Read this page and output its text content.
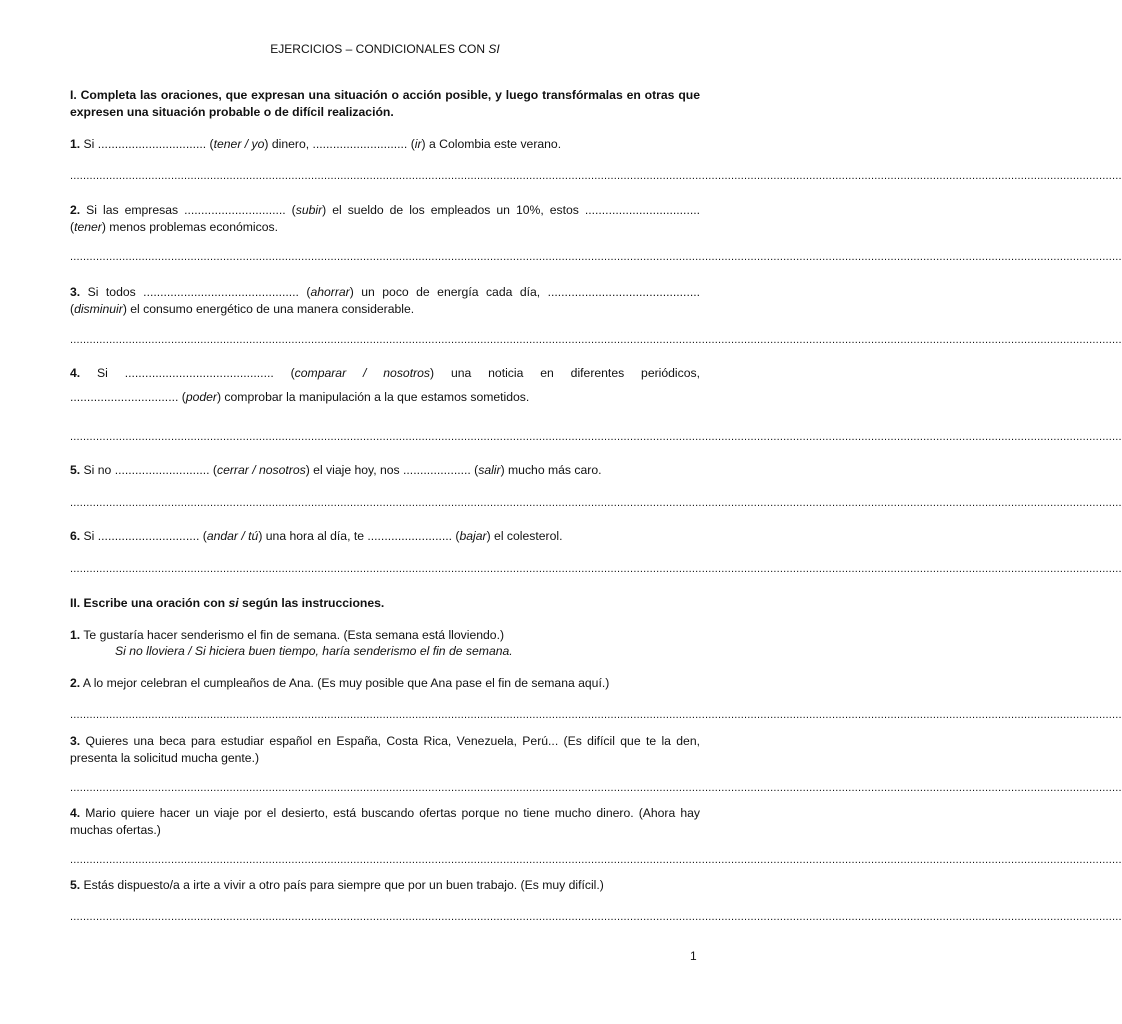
EJERCICIOS – CONDICIONALES CON SI
I. Completa las oraciones, que expresan una situación o acción posible, y luego transfórmalas en otras que expresen una situación probable o de difícil realización.
1. Si ................................ (tener / yo) dinero, ............................ (ir) a Colombia este verano.
...................................................................................................................................................................................................................................................................................................................................
2. Si las empresas .............................. (subir) el sueldo de los empleados un 10%, estos .................................. (tener) menos problemas económicos.
...................................................................................................................................................................................................................................................................................................................................
3. Si todos .............................................. (ahorrar) un poco de energía cada día, ............................................. (disminuir) el consumo energético de una manera considerable.
...................................................................................................................................................................................................................................................................................................................................
4. Si ............................................ (comparar / nosotros) una noticia en diferentes periódicos,
................................ (poder) comprobar la manipulación a la que estamos sometidos.
...................................................................................................................................................................................................................................................................................................................................
5. Si no ............................ (cerrar / nosotros) el viaje hoy, nos .................... (salir) mucho más caro.
...................................................................................................................................................................................................................................................................................................................................
6. Si .............................. (andar / tú) una hora al día, te ......................... (bajar) el colesterol.
...................................................................................................................................................................................................................................................................................................................................
II. Escribe una oración con si según las instrucciones.
1. Te gustaría hacer senderismo el fin de semana. (Esta semana está lloviendo.)
Si no lloviera / Si hiciera buen tiempo, haría senderismo el fin de semana.
2. A lo mejor celebran el cumpleaños de Ana. (Es muy posible que Ana pase el fin de semana aquí.)
...................................................................................................................................................................................................................................................................................................................................
3. Quieres una beca para estudiar español en España, Costa Rica, Venezuela, Perú... (Es difícil que te la den, presenta la solicitud mucha gente.)
...................................................................................................................................................................................................................................................................................................................................
4. Mario quiere hacer un viaje por el desierto, está buscando ofertas porque no tiene mucho dinero. (Ahora hay muchas ofertas.)
...................................................................................................................................................................................................................................................................................................................................
5. Estás dispuesto/a a irte a vivir a otro país para siempre que por un buen trabajo. (Es muy difícil.)
...................................................................................................................................................................................................................................................................................................................................
1
